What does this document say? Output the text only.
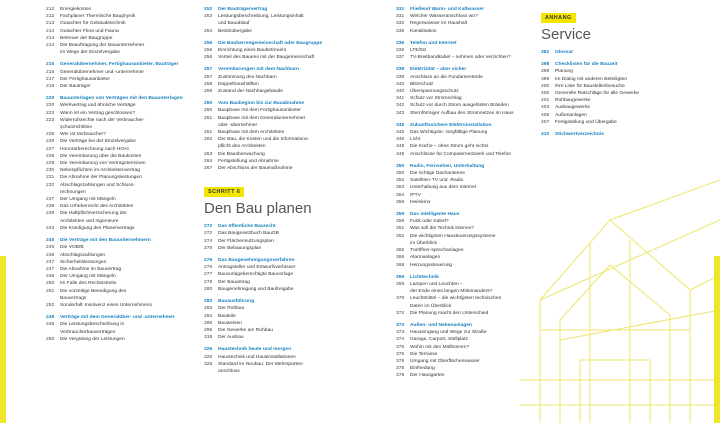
212	Energiekosten
212	Fachplaner Thermische Bauphysik
213	Gutachter für Gebäudetechnik
214	Gutachter Flora und Fauna
214	Betreuer der Baugruppe
214	Die Beauftragung der Bauunternehmer
im Wege der Einzelvergabe
215	Generalübernehmer, Fertighausanbieter, Bauträger
215	Generalübernehmer und -unternehmer
217	Der Fertighausanbieter
219	Der Bauträger
220	Bauunterlagen von Verträgen mit den Bauunterlagen
220	Werkvertrag und ähnliche Verträge
222	Wann ist ein Vertrag geschlossen?
223	Widerrufsrechte nach der Verbraucher-
schutzrichtlinie
225	Wer ist Verbraucher?
226	Die Verträge bei der Einzelvergabe
227	Honorarberechnung nach HOAI
229	Die Vereinbarung über die Baukosten
229	Die Vereinbarung von Vertragsterminen
230	Nebenpflichten im Architektenvertrag
231	Die Abnahme der Planungsleistungen
232	Abschlagszahlungen und Schluss-
rechnungen
237	Der Umgang mit Mängeln
239	Das Urheberrecht des Architekten
239	Die Haftpflichtversicherung der
Architekten und Ingenieure
243	Die Kündigung des Planervertrags
245	Die Verträge mit den Bauunternehmern
245	Die VOB/B
246	Abschlagszahlungen
247	Sicherheitsleistungen
247	Die Abnahme im Bauvertrag
248	Der Umgang mit Mängeln
250	Im Falle des Rechtsstreits
251	Die vorzeitige Beendigung des
Bauvertrags
252	Sonderfall: Insolvenz eines Unternehmens
248	Verträge mit dem Generalüber- und -unternehmer
249	Die Leistungsbeschreibung in
Verbraucherbauverträgen
250	Die Vergütung der Leistungen
252	Der Bauträgervertrag
253	Leistungsbeschreibung, Leistungsinhalt
und Bauablauf
254	Besitzübergabe
256	Die Bauherrengemeinschaft oder Baugruppe
256	Einrichtung eines Baubetreuers
256	Vorteil des Bauens mit der Baugemeinschaft
257	Vereinbarungen mit dem Nachbarn
257	Zustimmung des Nachbarn
258	Doppelhaushälften
258	Zustand der Nachbargebäude
260	Vom Baubeginn bis zur Bauabnahme
260	Bauphase mit dem Fertighausanbieter
261	Bauphase mit dem Generalunternehmer
oder -übernehmer
261	Bauphase mit dem Architekten
262	Der Bau, die Kosten und die Informations-
pflicht des Architekten
263	Die Bauüberwachung
264	Fertigstellung und Abnahme
267	Der Abschluss der Baumaßnahme
SCHRITT 6
Den Bau planen
272	Das öffentliche Baurecht
272	Das Baugesetzbuch BauGB
274	Der Flächennutzungsplan
275	Der Bebauungsplan
276	Das Baugenehmigungsverfahren
276	Antragsteller und Entwurfsverfasser
277	Bauvorlageberechtigte Bauvorlage
278	Der Bauantrag
280	Baugenehmigung und Baufreigabe
283	Bauausführung
283	Der Rohbau
284	Bauteile
285	Bauweisen
296	Die Gewerke am Rohbau
318	Der Ausbau
326	Haustechnik heute und morgen
326	Haustechnik und Hausinstallationen
328	Standard im Neubau: Der Mehrsparten-
anschluss
331	Fließend Warm- und Kaltwasser
331	Welcher Wasseranschluss wo?
332	Regenwasser im Haushalt
335	Kanalisation
336	Telefon und Internet
336	LTE/5G
337	TV-Breitbandkabel – nehmen oder verzichten?
339	Elektrizität – aber sicher
339	Anschluss an die Fundamenterde
340	Blitzschutz
340	Überspannungsschutz
341	Schutz vor Stromschlag
342	Schutz vor durch Strom ausgelösten Bränden
343	Sternförmiger Aufbau des Stromnetzes im Haus
345	Zukunftssichere Elektroinstallation
345	Das Wichtigste: sorgfältige Planung
346	Licht
348	Die Küche – ohne Strom geht nichts
349	Anschlüsse für Computernetzwerk und Telefon
350	Radio, Fernsehen, Unterhaltung
350	Die richtige Dachantenne
352	Satelliten-TV und -Radio
353	Unterhaltung aus dem Internet
354	IPTV
356	Heimkino
359	Das intelligente Haus
359	Funk oder Kabel?
361	Was soll die Technik können?
362	Die wichtigsten Hausteuerungssysteme
im Überblick
365	Türöffner-sprechanlagen
366	Alarmanlagen
368	Heizungssteuerung
369	Lichttechnik
369	Lampen und Leuchten –
der Ende eines langen Mitteinanders?
370	Leuchtmittel – die wichtigsten technischen
Daten im Überblick
372	Die Planung macht den Unterschied
373	Außen- und Nebenanlagen
373	Hauseingang und Wege zur Straße
374	Garage, Carport, Stellplatz
375	Wohin mit den Mülltonnen?
376	Die Terrasse
376	Umgang mit Oberflächenwasser
378	Einfriedung
379	Der Hausgarten
ANHANG
Service
382	Glossar
398	Checklisten für die Bauzeit
398	Planung
399	Im Dialog mit anderen Beteiligten
400	Ihre Liste für Baustellenbesuche
400	Generelle Ratschläge für alle Gewerke
401	Rohbaugewerke
403	Ausbaugewerke
406	Außenanlagen
407	Fertigstellung und Übergabe
410	Stichwortverzeichnis
